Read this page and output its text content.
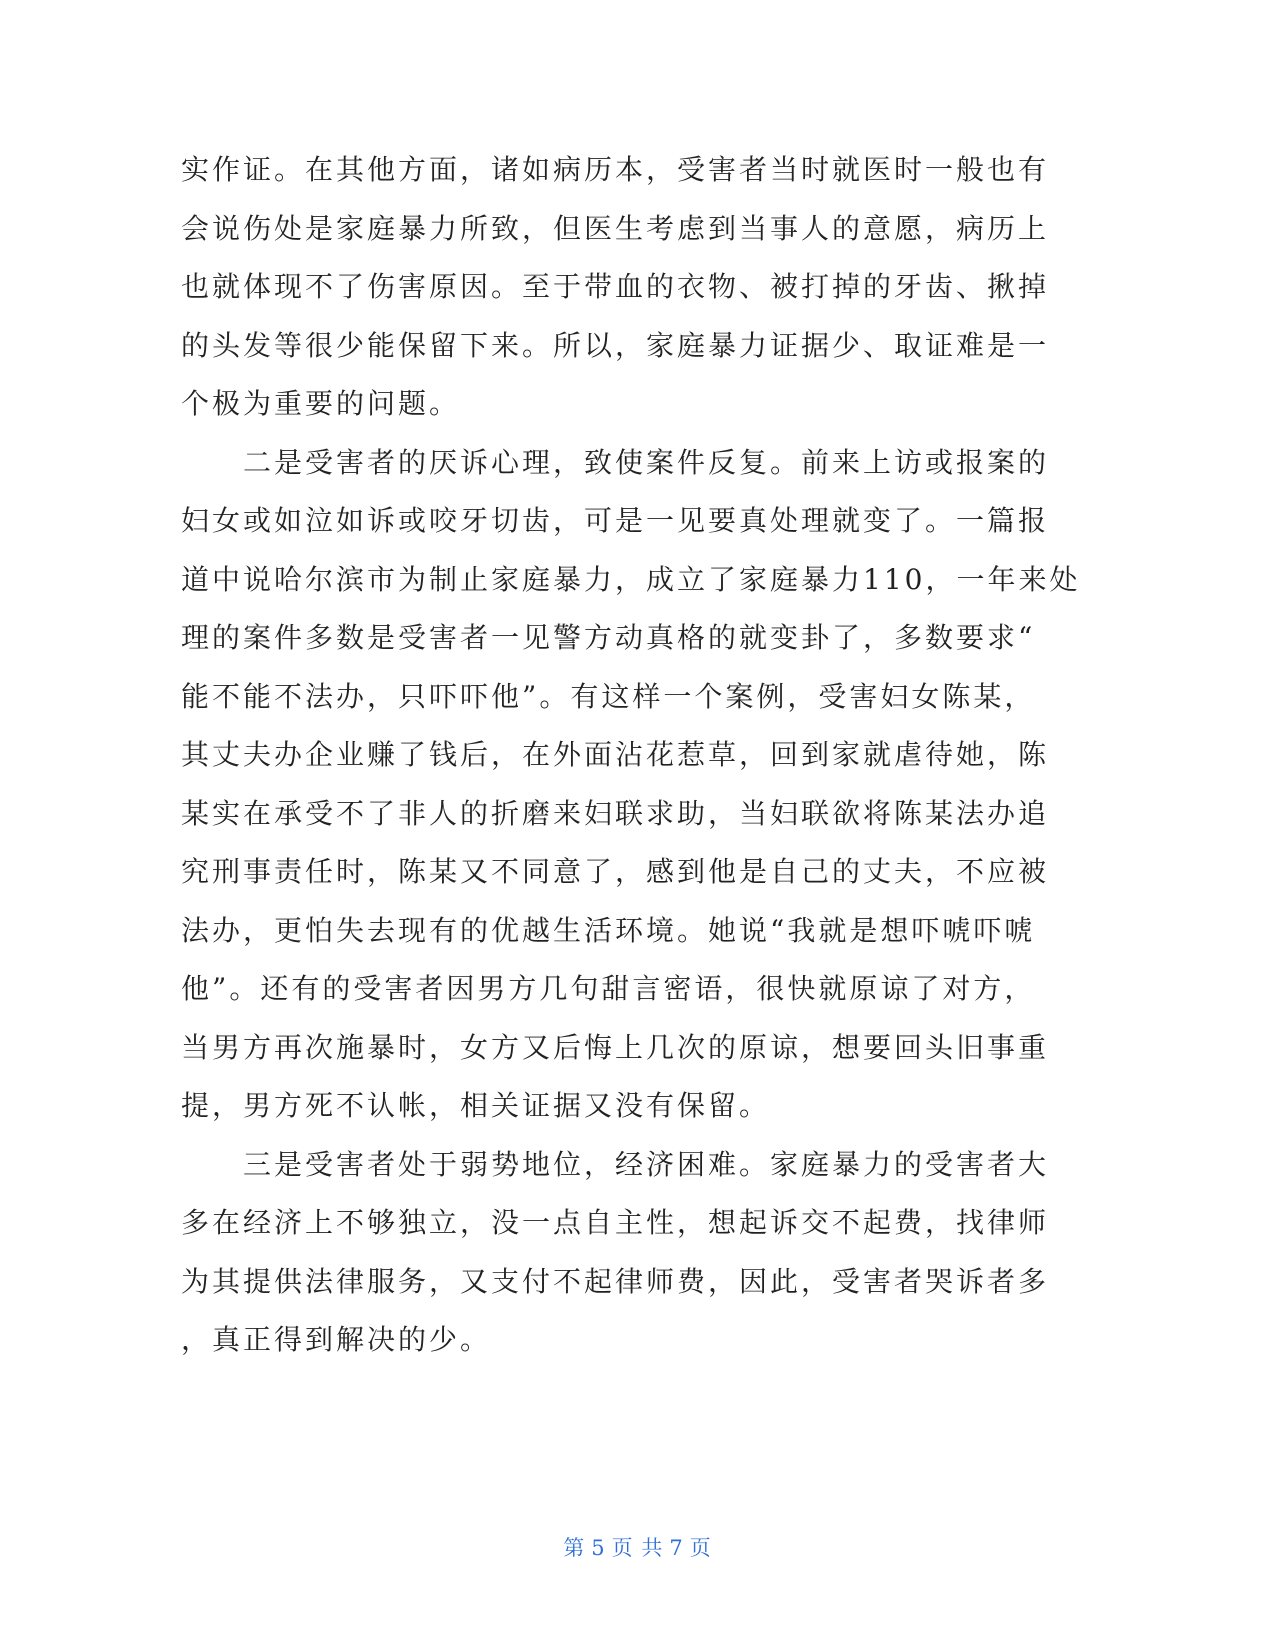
实作证。在其他方面，诸如病历本，受害者当时就医时一般也有
会说伤处是家庭暴力所致，但医生考虑到当事人的意愿，病历上
也就体现不了伤害原因。至于带血的衣物、被打掉的牙齿、揪掉
的头发等很少能保留下来。所以，家庭暴力证据少、取证难是一
个极为重要的问题。
　　二是受害者的厌诉心理，致使案件反复。前来上访或报案的
妇女或如泣如诉或咬牙切齿，可是一见要真处理就变了。一篇报
道中说哈尔滨市为制止家庭暴力，成立了家庭暴力110，一年来处
理的案件多数是受害者一见警方动真格的就变卦了，多数要求“
能不能不法办，只吓吓他”。有这样一个案例，受害妇女陈某，
其丈夫办企业赚了钱后，在外面沾花惹草，回到家就虐待她，陈
某实在承受不了非人的折磨来妇联求助，当妇联欲将陈某法办追
究刑事责任时，陈某又不同意了，感到他是自己的丈夫，不应被
法办，更怕失去现有的优越生活环境。她说“我就是想吓唬吓唬
他”。还有的受害者因男方几句甜言密语，很快就原谅了对方，
当男方再次施暴时，女方又后悔上几次的原谅，想要回头旧事重
提，男方死不认帐，相关证据又没有保留。
　　三是受害者处于弱势地位，经济困难。家庭暴力的受害者大
多在经济上不够独立，没一点自主性，想起诉交不起费，找律师
为其提供法律服务，又支付不起律师费，因此，受害者哭诉者多
，真正得到解决的少。
第 5 页 共 7 页
